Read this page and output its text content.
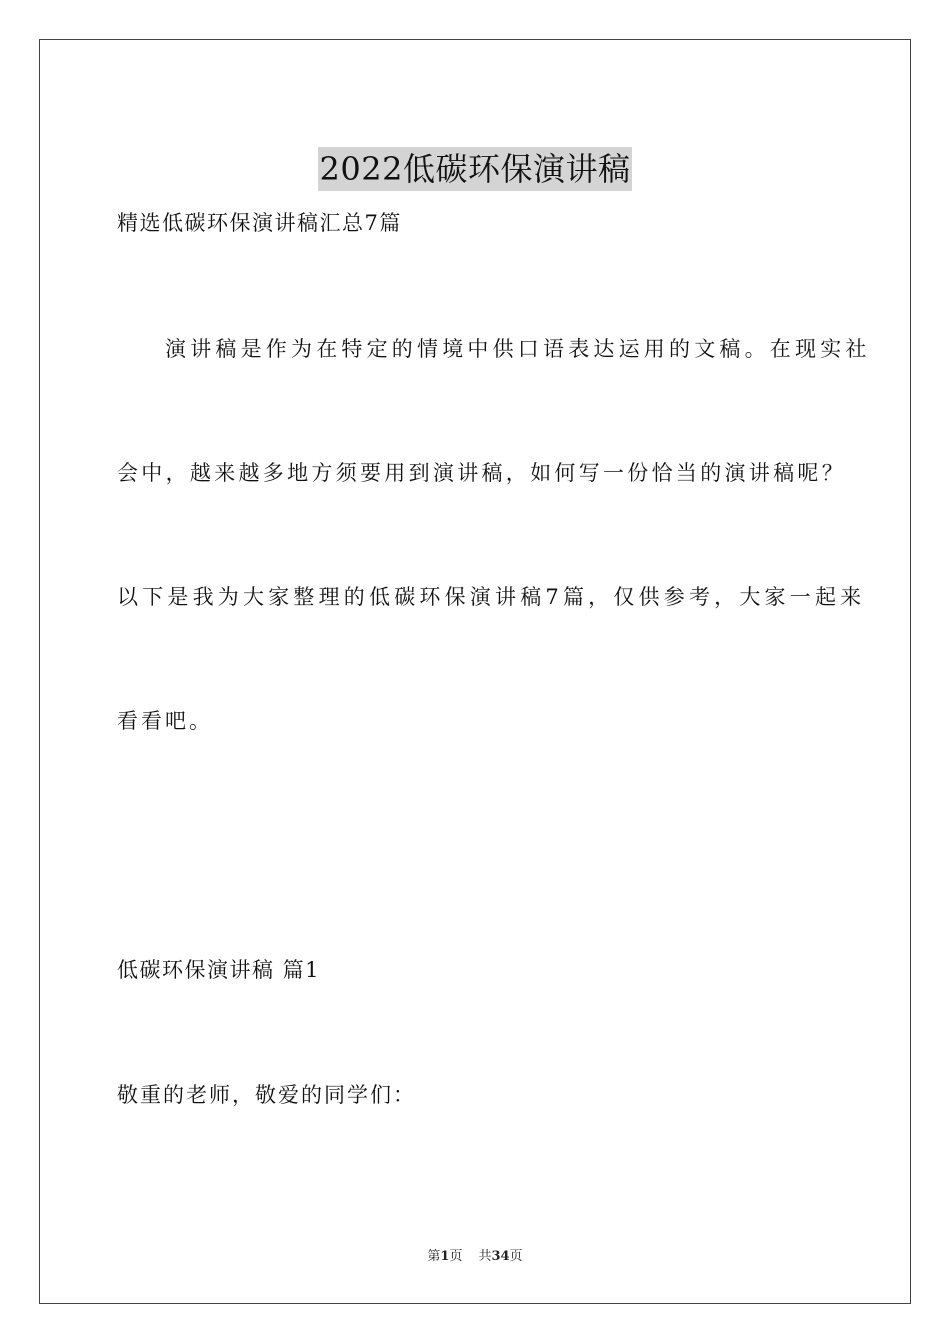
2022低碳环保演讲稿
精选低碳环保演讲稿汇总7篇
演讲稿是作为在特定的情境中供口语表达运用的文稿。在现实社
会中，越来越多地方须要用到演讲稿，如何写一份恰当的演讲稿呢？
以下是我为大家整理的低碳环保演讲稿7篇，仅供参考，大家一起来
看看吧。
低碳环保演讲稿 篇1
敬重的老师，敬爱的同学们：
第1页 共34页
